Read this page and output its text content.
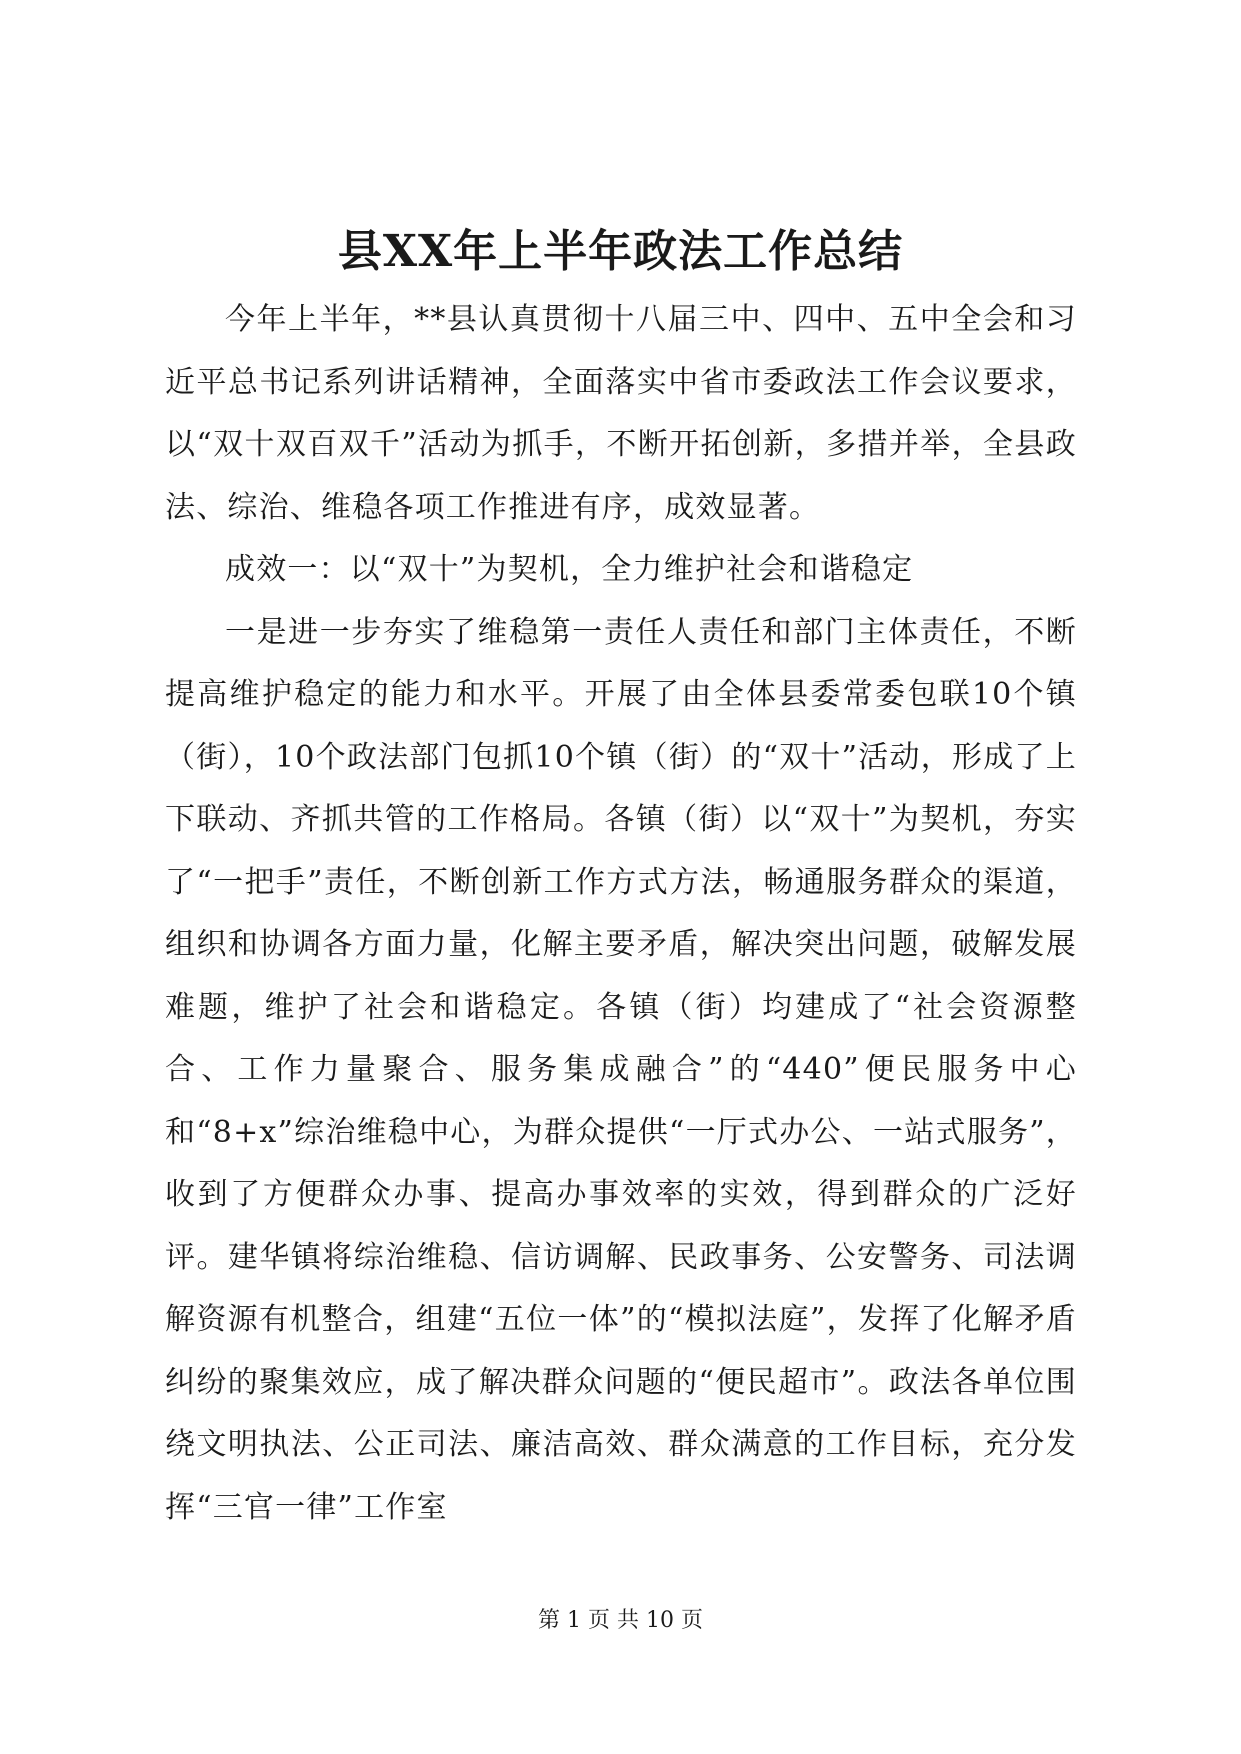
县XX年上半年政法工作总结

今年上半年，**县认真贯彻十八届三中、四中、五中全会和习近平总书记系列讲话精神，全面落实中省市委政法工作会议要求，以“双十双百双千”活动为抓手，不断开拓创新，多措并举，全县政法、综治、维稳各项工作推进有序，成效显著。

成效一：以“双十”为契机，全力维护社会和谐稳定

一是进一步夯实了维稳第一责任人责任和部门主体责任，不断提高维护稳定的能力和水平。开展了由全体县委常委包联10个镇（街），10个政法部门包抓10个镇（街）的“双十”活动，形成了上下联动、齐抓共管的工作格局。各镇（街）以“双十”为契机，夯实了“一把手”责任，不断创新工作方式方法，畅通服务群众的渠道，组织和协调各方面力量，化解主要矛盾，解决突出问题，破解发展难题，维护了社会和谐稳定。各镇（街）均建成了“社会资源整合、工作力量聚合、服务集成融合”的“440”便民服务中心和“8+x”综治维稳中心，为群众提供“一厅式办公、一站式服务”，收到了方便群众办事、提高办事效率的实效，得到群众的广泛好评。建华镇将综治维稳、信访调解、民政事务、公安警务、司法调解资源有机整合，组建“五位一体”的“模拟法庭”，发挥了化解矛盾纠纷的聚集效应，成了解决群众问题的“便民超市”。政法各单位围绕文明执法、公正司法、廉洁高效、群众满意的工作目标，充分发挥“三官一律”工作室

第 1 页 共 10 页
